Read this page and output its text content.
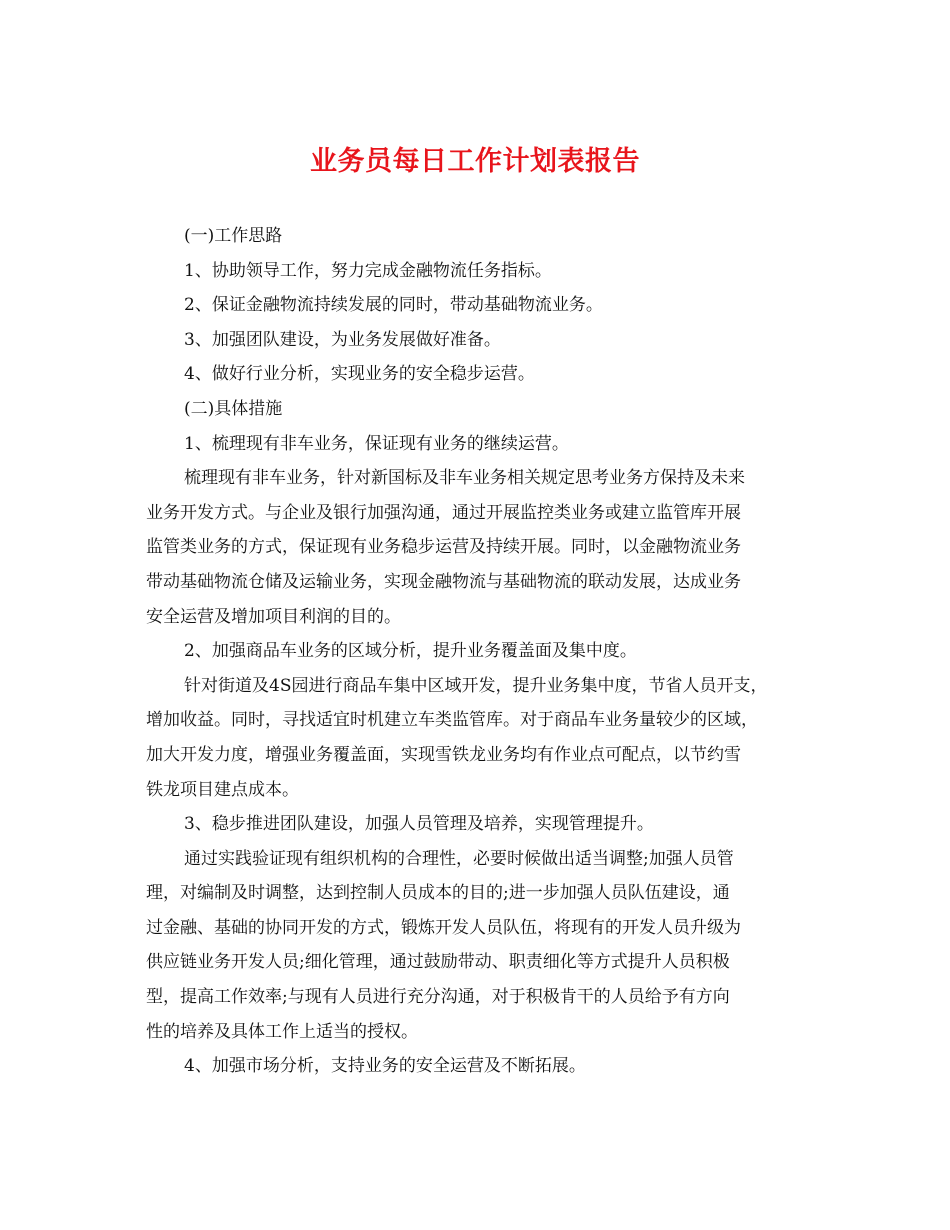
业务员每日工作计划表报告
(一)工作思路
1、协助领导工作，努力完成金融物流任务指标。
2、保证金融物流持续发展的同时，带动基础物流业务。
3、加强团队建设，为业务发展做好准备。
4、做好行业分析，实现业务的安全稳步运营。
(二)具体措施
1、梳理现有非车业务，保证现有业务的继续运营。
梳理现有非车业务，针对新国标及非车业务相关规定思考业务方保持及未来
业务开发方式。与企业及银行加强沟通，通过开展监控类业务或建立监管库开展
监管类业务的方式，保证现有业务稳步运营及持续开展。同时，以金融物流业务
带动基础物流仓储及运输业务，实现金融物流与基础物流的联动发展，达成业务
安全运营及增加项目利润的目的。
2、加强商品车业务的区域分析，提升业务覆盖面及集中度。
针对街道及4S园进行商品车集中区域开发，提升业务集中度，节省人员开支，
增加收益。同时，寻找适宜时机建立车类监管库。对于商品车业务量较少的区域，
加大开发力度，增强业务覆盖面，实现雪铁龙业务均有作业点可配点，以节约雪
铁龙项目建点成本。
3、稳步推进团队建设，加强人员管理及培养，实现管理提升。
通过实践验证现有组织机构的合理性，必要时候做出适当调整;加强人员管
理，对编制及时调整，达到控制人员成本的目的;进一步加强人员队伍建设，通
过金融、基础的协同开发的方式，锻炼开发人员队伍，将现有的开发人员升级为
供应链业务开发人员;细化管理，通过鼓励带动、职责细化等方式提升人员积极
型，提高工作效率;与现有人员进行充分沟通，对于积极肯干的人员给予有方向
性的培养及具体工作上适当的授权。
4、加强市场分析，支持业务的安全运营及不断拓展。
